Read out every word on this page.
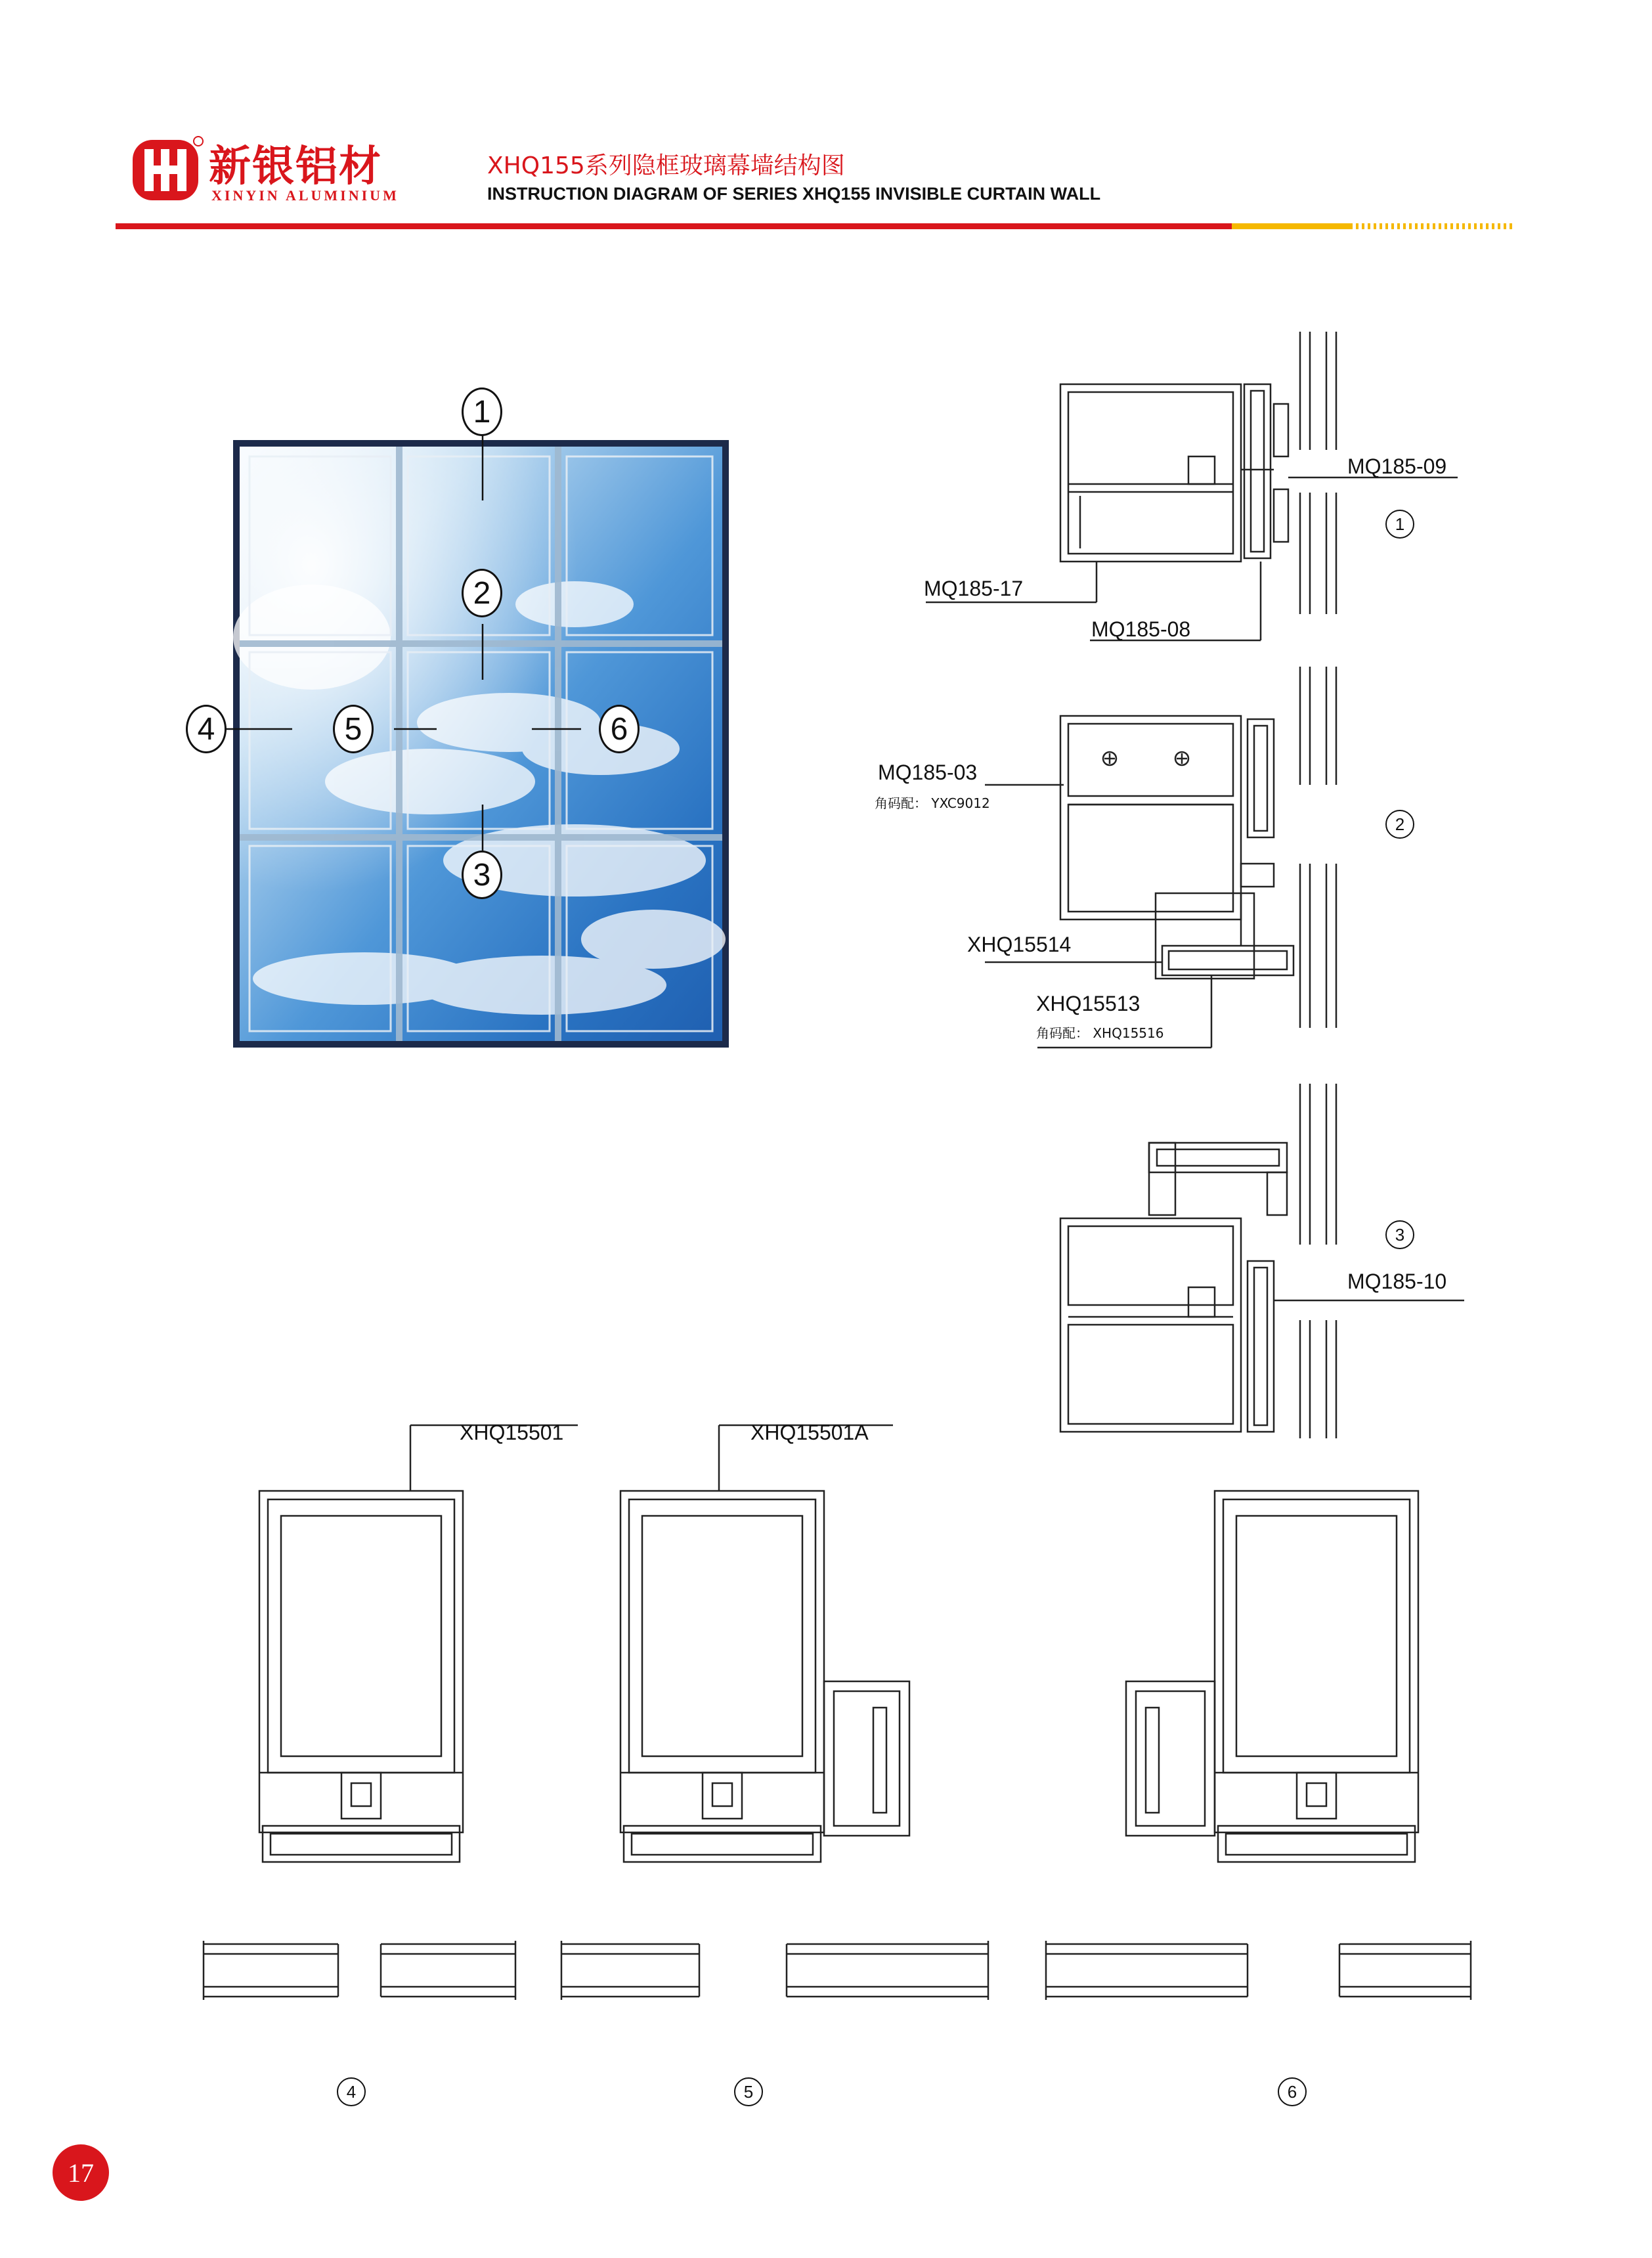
新银铝材
XINYIN ALUMINIUM
XHQ155系列隐框玻璃幕墙结构图
INSTRUCTION DIAGRAM OF SERIES XHQ155 INVISIBLE CURTAIN WALL
1
2
3
4	5	6
MQ185-09
MQ185-17
MQ185-08
1
MQ185-03
角码配： YXC9012
XHQ15514
XHQ15513
角码配： XHQ15516
2
MQ185-10
3
XHQ15501	XHQ15501A
4	5	6
17
